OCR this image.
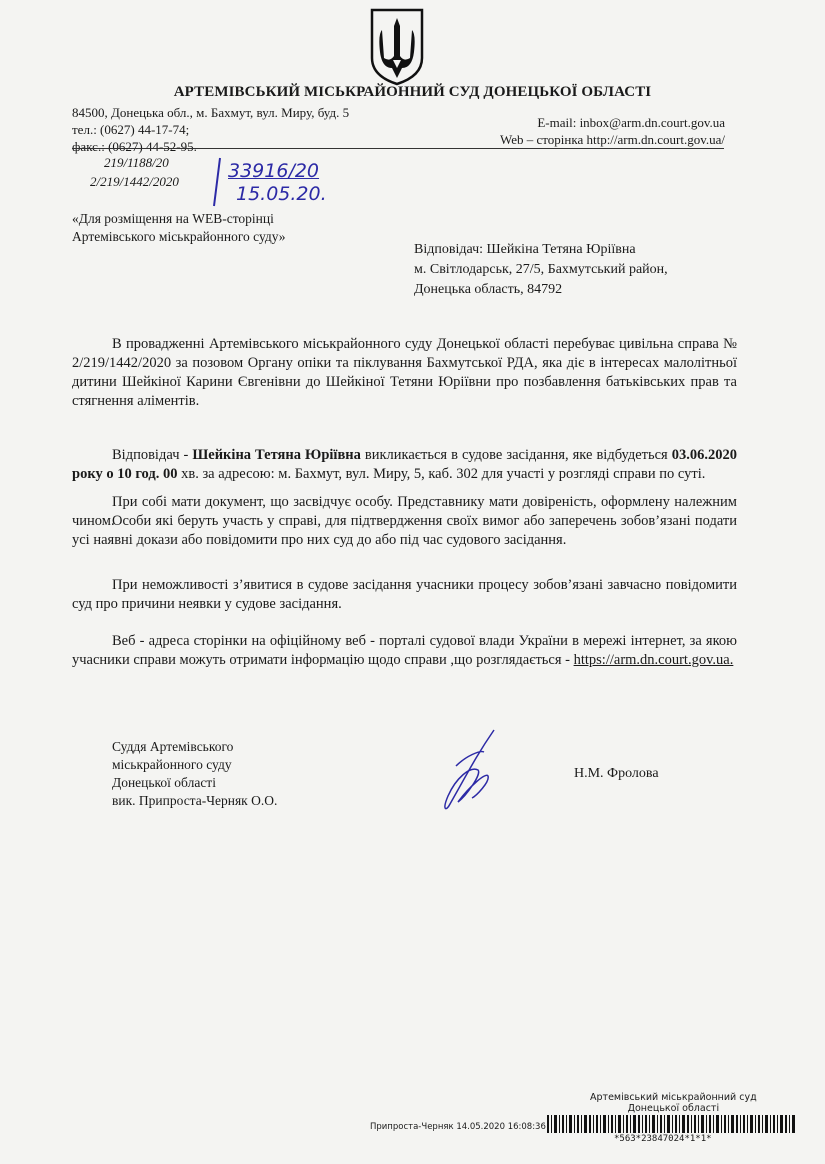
АРТЕМІВСЬКИЙ МІСЬКРАЙОННИЙ СУД ДОНЕЦЬКОЇ ОБЛАСТІ
84500, Донецька обл., м. Бахмут, вул. Миру, буд. 5
тел.: (0627) 44-17-74;
факс.: (0627) 44-52-95.
E-mail: inbox@arm.dn.court.gov.ua
Web – сторінка http://arm.dn.court.gov.ua/
219/1188/20
2/219/1442/2020	33916/20
15.05.20.
«Для розміщення на WEB-сторінці
Артемівського міськрайонного суду»
Відповідач: Шейкіна Тетяна Юріївна
м. Світлодарськ, 27/5, Бахмутський район,
Донецька область, 84792

В провадженні Артемівського міськрайонного суду Донецької області перебуває цивільна справа № 2/219/1442/2020 за позовом Органу опіки та піклування Бахмутської РДА, яка діє в інтересах малолітньої дитини Шейкіної Карини Євгенівни до Шейкіної Тетяни Юріївни про позбавлення батьківських прав та стягнення аліментів.

Відповідач - Шейкіна Тетяна Юріївна викликається в судове засідання, яке відбудеться 03.06.2020 року о 10 год. 00 хв. за адресою: м. Бахмут, вул. Миру, 5, каб. 302 для участі у розгляді справи по суті.

При собі мати документ, що засвідчує особу. Представнику мати довіреність, оформлену належним чином.

Особи які беруть участь у справі, для підтвердження своїх вимог або заперечень зобов’язані подати усі наявні докази або повідомити про них суд до або під час судового засідання.

При неможливості з’явитися в судове засідання учасники процесу зобов’язані завчасно повідомити суд про причини неявки у судове засідання.

Веб - адреса сторінки на офіційному веб - порталі судової влади України в мережі інтернет, за якою учасники справи можуть отримати інформацію щодо справи ,що розглядається - https://arm.dn.court.gov.ua.

Суддя Артемівського
міськрайонного суду
Донецької області
вик. Припроста-Черняк О.О.
Н.М. Фролова
Артемівський міськрайонний суд
Донецької області
Припроста-Черняк 14.05.2020 16:08:36
*563*23847024*1*1*
